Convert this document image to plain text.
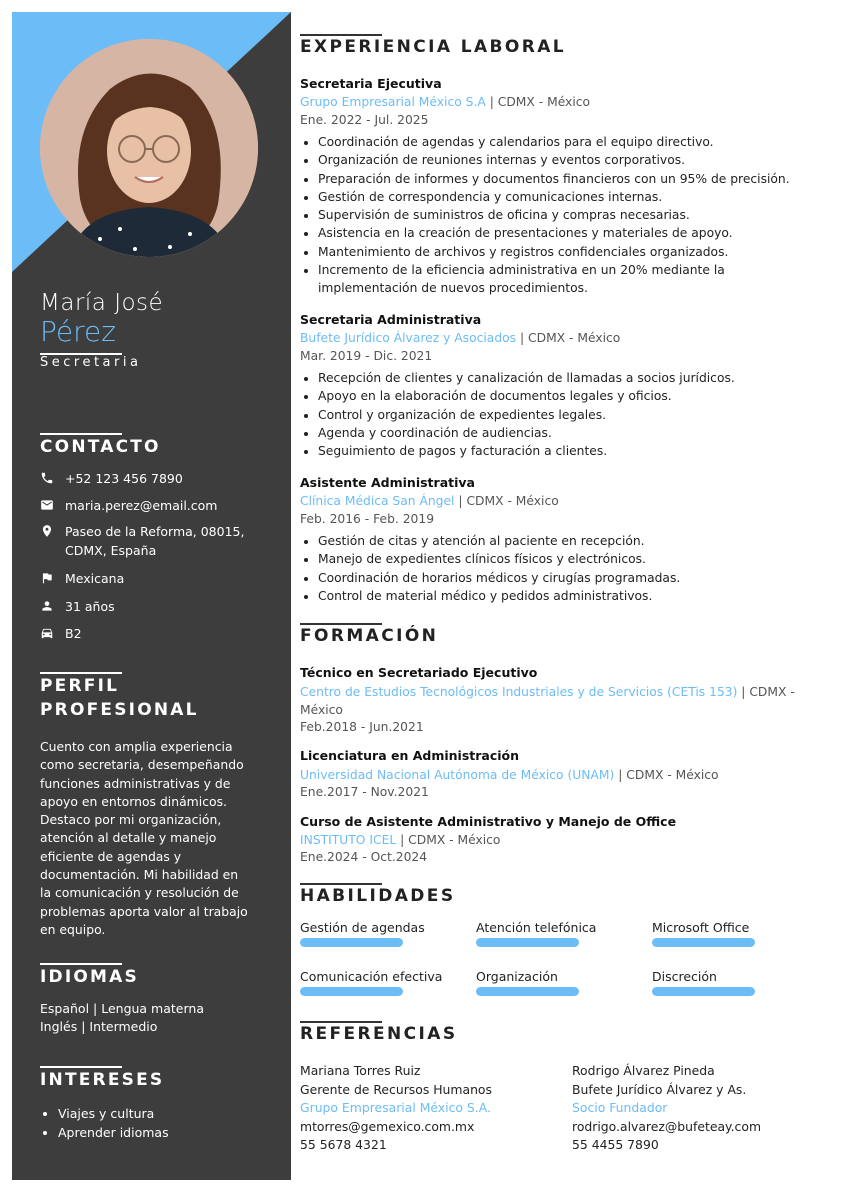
María José
Pérez
Secretaria
CONTACTO
+52 123 456 7890
maria.perez@email.com
Paseo de la Reforma, 08015,
CDMX, España
Mexicana
31 años
B2
PERFIL
PROFESIONAL
Cuento con amplia experiencia como secretaria, desempeñando funciones administrativas y de apoyo en entornos dinámicos. Destaco por mi organización, atención al detalle y manejo eficiente de agendas y documentación. Mi habilidad en la comunicación y resolución de problemas aporta valor al trabajo en equipo.
IDIOMAS
Español | Lengua materna
Inglés | Intermedio
INTERESES
• Viajes y cultura
• Aprender idiomas
EXPERIENCIA LABORAL
Secretaria Ejecutiva
Grupo Empresarial México S.A | CDMX - México
Ene. 2022 - Jul. 2025
• Coordinación de agendas y calendarios para el equipo directivo.
• Organización de reuniones internas y eventos corporativos.
• Preparación de informes y documentos financieros con un 95% de precisión.
• Gestión de correspondencia y comunicaciones internas.
• Supervisión de suministros de oficina y compras necesarias.
• Asistencia en la creación de presentaciones y materiales de apoyo.
• Mantenimiento de archivos y registros confidenciales organizados.
• Incremento de la eficiencia administrativa en un 20% mediante la implementación de nuevos procedimientos.
Secretaria Administrativa
Bufete Jurídico Álvarez y Asociados | CDMX - México
Mar. 2019 - Dic. 2021
• Recepción de clientes y canalización de llamadas a socios jurídicos.
• Apoyo en la elaboración de documentos legales y oficios.
• Control y organización de expedientes legales.
• Agenda y coordinación de audiencias.
• Seguimiento de pagos y facturación a clientes.
Asistente Administrativa
Clínica Médica San Ángel | CDMX - México
Feb. 2016 - Feb. 2019
• Gestión de citas y atención al paciente en recepción.
• Manejo de expedientes clínicos físicos y electrónicos.
• Coordinación de horarios médicos y cirugías programadas.
• Control de material médico y pedidos administrativos.
FORMACIÓN
Técnico en Secretariado Ejecutivo
Centro de Estudios Tecnológicos Industriales y de Servicios (CETis 153) | CDMX - México
Feb.2018 - Jun.2021
Licenciatura en Administración
Universidad Nacional Autónoma de México (UNAM) | CDMX - México
Ene.2017 - Nov.2021
Curso de Asistente Administrativo y Manejo de Office
INSTITUTO ICEL | CDMX - México
Ene.2024 - Oct.2024
HABILIDADES
Gestión de agendas	Atención telefónica	Microsoft Office
Comunicación efectiva	Organización	Discreción
REFERENCIAS
Mariana Torres Ruiz
Gerente de Recursos Humanos
Grupo Empresarial México S.A.
mtorres@gemexico.com.mx
55 5678 4321
Rodrigo Álvarez Pineda
Bufete Jurídico Álvarez y As.
Socio Fundador
rodrigo.alvarez@bufeteay.com
55 4455 7890
